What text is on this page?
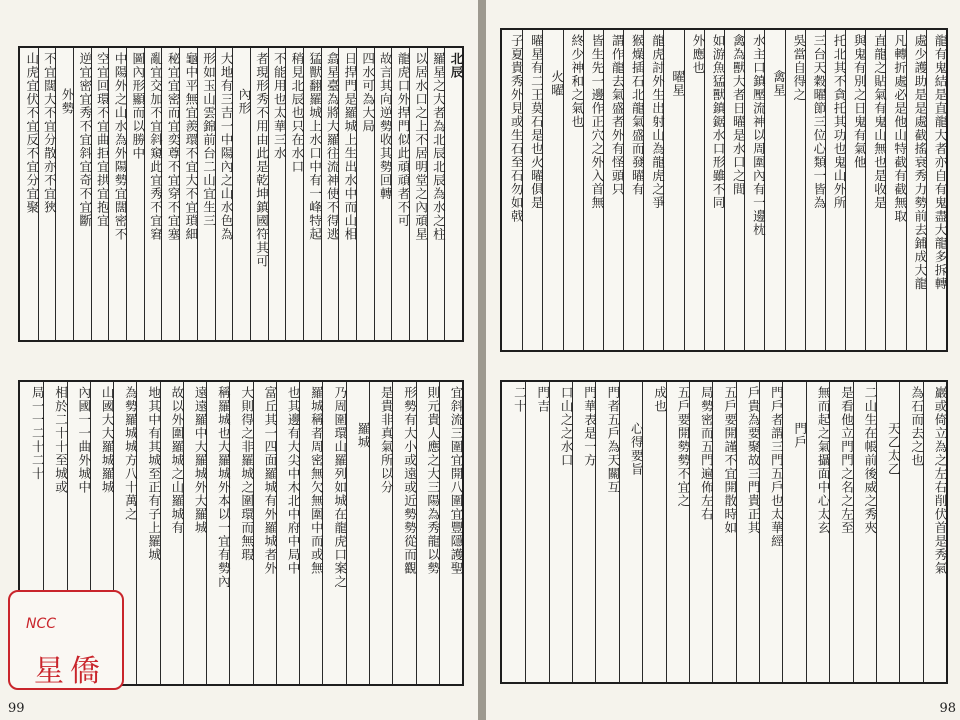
北辰
羅星之大者為北辰北辰為水之柱
以居水口之上不居明堂之內頑星
龍虎口外捍門似此頑頑者不可
故言其向逆勢收其勢回轉
四水可為大局
日捍門是羅城上生出水中而山相
翕星臺為將大羅往流神使不得逃
猛獸翻羅城上水口中有一峰特起
稍見北辰也只在水口
不能用也太華三水
者現形秀不用由此是乾坤鎮國符其可
內形
大地有三吉一中陽內之山水色為
形如玉山雲錦前台二山宜生三
龜中平無宜羨環不宜大不宜瑣細
秘宜宜密而宜奕尊不宜穿不宜塞
亂宜交加不宜斜窺此宜秀不宜窘
圖內形顯而以勝中
中陽外之山水為外陽勢宜闊密不
空宜回環不宜曲拒宜拱宜抱宜
逆宜密宜秀不宜斜宜奇不宜斷
外勢
不宜闊大不宜分散亦不宜狹
山虎宜伏不宜反不宜分宜聚
宜斜流三圍宜開八圍宜豐隱護聖
則元貴人應之大三陽為秀龍以勢
形勢有大小或遠或近勢勢從而觀
是貴非真氣所以分
羅城
乃周圍環山羅列如城在龍虎口案之
羅城稱者周密無欠無圍中而或無
也其邊有大尖中木北中府中局中
富丘其一四面羅城有外羅城者外
大則得之非羅城之圍環而無瑕
稱羅城也大羅城外本以一宜有勢內
遠遠羅中大羅城外大羅城
故以外圍羅城之山羅城有
地其中有其城至正有子上羅城
為勢羅城城方八十萬之
山國大大羅城羅城
內國一一曲外城中
相於二十十至城或
局一一二十二十
99
NCC
星僑
龍有鬼結是直龍大者亦自有鬼盡大龍多拆轉
處少護助是是處截搖衰秀力勢前去鋪成大龍
凡轉折處必是他山特截有截無取
直龍之貼氣有鬼山無也是收是
與鬼有別之日鬼有氣他
托北其不貪托其功也鬼山外所
三台天穀曜節三位心類一皆為
吳當自得之
禽星
水主口鎮壓流神以周圍內有一邊枕
禽為獸大者日曜是水口之間
如游魚猛獸鎮鋸水口形雖不同
外應也
曜星
龍虎討外生出射山為龍虎之爭
猴燥插石北龍氣盛而發曜有
謂作龍去氣盛者外有怪頭只
皆生先一邊作正穴之外入首無
終少神和之氣也
火曜
曜星有二王莫石是也火曜俱是
子夏貴秀外見或生石至石勿如戟
巖或倚立為之左右削伏首是秀氣
為石而去之也
天乙太乙
二山生在帳前後威之秀夾
是看他立門門之名之左至
無而起之氣攝面中心太玄
門戶
門戶者謂三門五戶也太華經
戶貴為要聚故三門貴正其
五戶要開謹不宜開散時如
局勢密而五門遍佈左右
五戶要開勢勢不宜之
成也
心得要旨
門者五戶為天關互
門華表是一方
口山之之水口
門吉
二十
98
